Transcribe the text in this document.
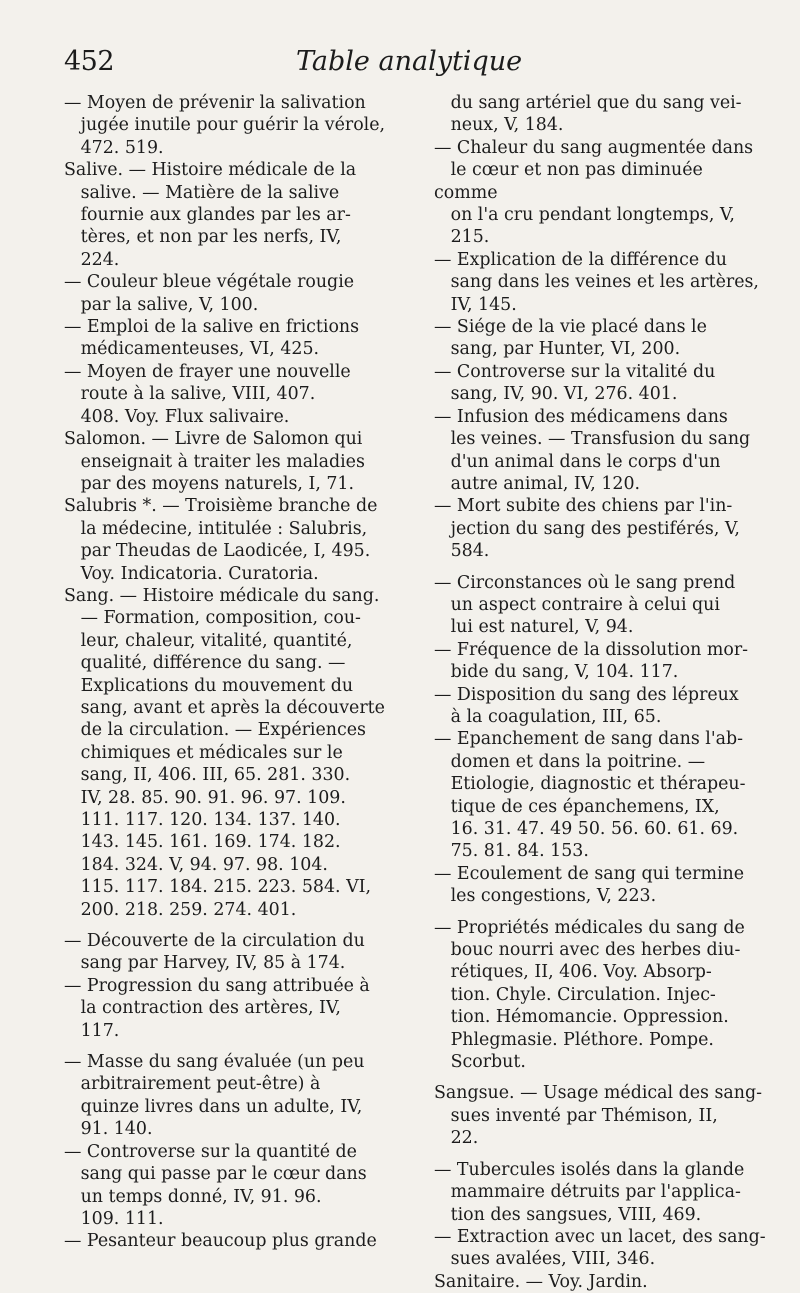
452	Table analytique

— Moyen de prévenir la salivation
jugée inutile pour guérir la vérole,
472. 519.

Salive. — Histoire médicale de la
salive. — Matière de la salive
fournie aux glandes par les ar-
tères, et non par les nerfs, IV,
224.

— Couleur bleue végétale rougie
par la salive, V, 100.

— Emploi de la salive en frictions
médicamenteuses, VI, 425.

— Moyen de frayer une nouvelle
route à la salive, VIII, 407.
408. Voy. Flux salivaire.

Salomon. — Livre de Salomon qui
enseignait à traiter les maladies
par des moyens naturels, I, 71.

Salubris *. — Troisième branche de
la médecine, intitulée : Salubris,
par Theudas de Laodicée, I, 495.
Voy. Indicatoria. Curatoria.

Sang. — Histoire médicale du sang.
— Formation, composition, cou-
leur, chaleur, vitalité, quantité,
qualité, différence du sang. —
Explications du mouvement du
sang, avant et après la découverte
de la circulation. — Expériences
chimiques et médicales sur le
sang, II, 406. III, 65. 281. 330.
IV, 28. 85. 90. 91. 96. 97. 109.
111. 117. 120. 134. 137. 140.
143. 145. 161. 169. 174. 182.
184. 324. V, 94. 97. 98. 104.
115. 117. 184. 215. 223. 584. VI,
200. 218. 259. 274. 401.

— Découverte de la circulation du
sang par Harvey, IV, 85 à 174.

— Progression du sang attribuée à
la contraction des artères, IV,
117.

— Masse du sang évaluée (un peu
arbitrairement peut-être) à
quinze livres dans un adulte, IV,
91. 140.

— Controverse sur la quantité de
sang qui passe par le cœur dans
un temps donné, IV, 91. 96.
109. 111.

— Pesanteur beaucoup plus grande

du sang artériel que du sang vei-
neux, V, 184.

— Chaleur du sang augmentée dans
le cœur et non pas diminuée comme
on l'a cru pendant longtemps, V,
215.

— Explication de la différence du
sang dans les veines et les artères,
IV, 145.

— Siége de la vie placé dans le
sang, par Hunter, VI, 200.

— Controverse sur la vitalité du
sang, IV, 90. VI, 276. 401.

— Infusion des médicamens dans
les veines. — Transfusion du sang
d'un animal dans le corps d'un
autre animal, IV, 120.

— Mort subite des chiens par l'in-
jection du sang des pestiférés, V,
584.

— Circonstances où le sang prend
un aspect contraire à celui qui
lui est naturel, V, 94.

— Fréquence de la dissolution mor-
bide du sang, V, 104. 117.

— Disposition du sang des lépreux
à la coagulation, III, 65.

— Epanchement de sang dans l'ab-
domen et dans la poitrine. —
Etiologie, diagnostic et thérapeu-
tique de ces épanchemens, IX,
16. 31. 47. 49 50. 56. 60. 61. 69.
75. 81. 84. 153.

— Ecoulement de sang qui termine
les congestions, V, 223.

— Propriétés médicales du sang de
bouc nourri avec des herbes diu-
rétiques, II, 406. Voy. Absorp-
tion. Chyle. Circulation. Injec-
tion. Hémomancie. Oppression.
Phlegmasie. Pléthore. Pompe.
Scorbut.

Sangsue. — Usage médical des sang-
sues inventé par Thémison, II,
22.

— Tubercules isolés dans la glande
mammaire détruits par l'applica-
tion des sangsues, VIII, 469.

— Extraction avec un lacet, des sang-
sues avalées, VIII, 346.

Sanitaire. — Voy. Jardin.
